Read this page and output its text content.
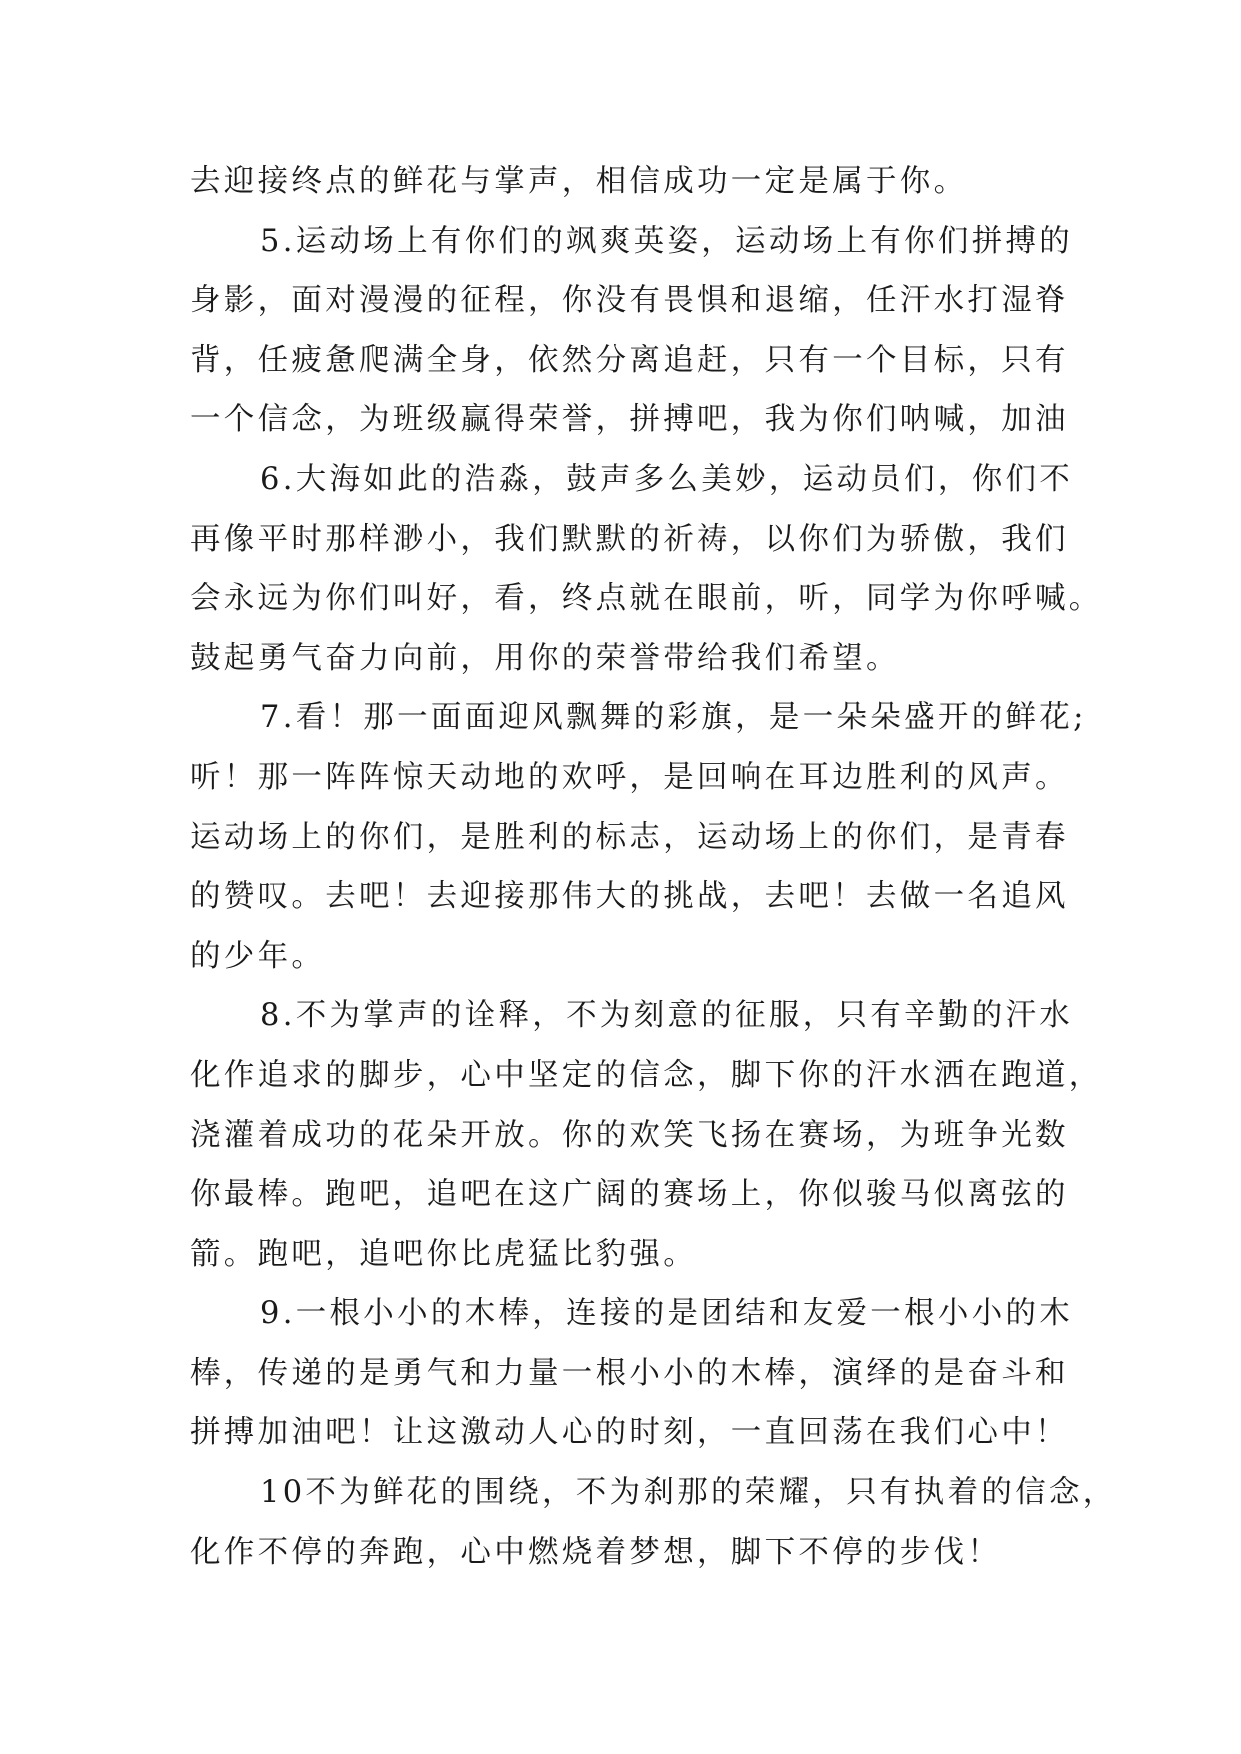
去迎接终点的鲜花与掌声，相信成功一定是属于你。
5.运动场上有你们的飒爽英姿，运动场上有你们拼搏的
身影，面对漫漫的征程，你没有畏惧和退缩，任汗水打湿脊
背，任疲惫爬满全身，依然分离追赶，只有一个目标，只有
一个信念，为班级赢得荣誉，拼搏吧，我为你们呐喊，加油
6.大海如此的浩淼，鼓声多么美妙，运动员们，你们不
再像平时那样渺小，我们默默的祈祷，以你们为骄傲，我们
会永远为你们叫好，看，终点就在眼前，听，同学为你呼喊。
鼓起勇气奋力向前，用你的荣誉带给我们希望。
7.看！那一面面迎风飘舞的彩旗，是一朵朵盛开的鲜花;
听！那一阵阵惊天动地的欢呼，是回响在耳边胜利的风声。
运动场上的你们，是胜利的标志，运动场上的你们，是青春
的赞叹。去吧！去迎接那伟大的挑战，去吧！去做一名追风
的少年。
8.不为掌声的诠释，不为刻意的征服，只有辛勤的汗水
化作追求的脚步，心中坚定的信念，脚下你的汗水洒在跑道，
浇灌着成功的花朵开放。你的欢笑飞扬在赛场，为班争光数
你最棒。跑吧，追吧在这广阔的赛场上，你似骏马似离弦的
箭。跑吧，追吧你比虎猛比豹强。
9.一根小小的木棒，连接的是团结和友爱一根小小的木
棒，传递的是勇气和力量一根小小的木棒，演绎的是奋斗和
拼搏加油吧！让这激动人心的时刻，一直回荡在我们心中！
10不为鲜花的围绕，不为刹那的荣耀，只有执着的信念，
化作不停的奔跑，心中燃烧着梦想，脚下不停的步伐！
